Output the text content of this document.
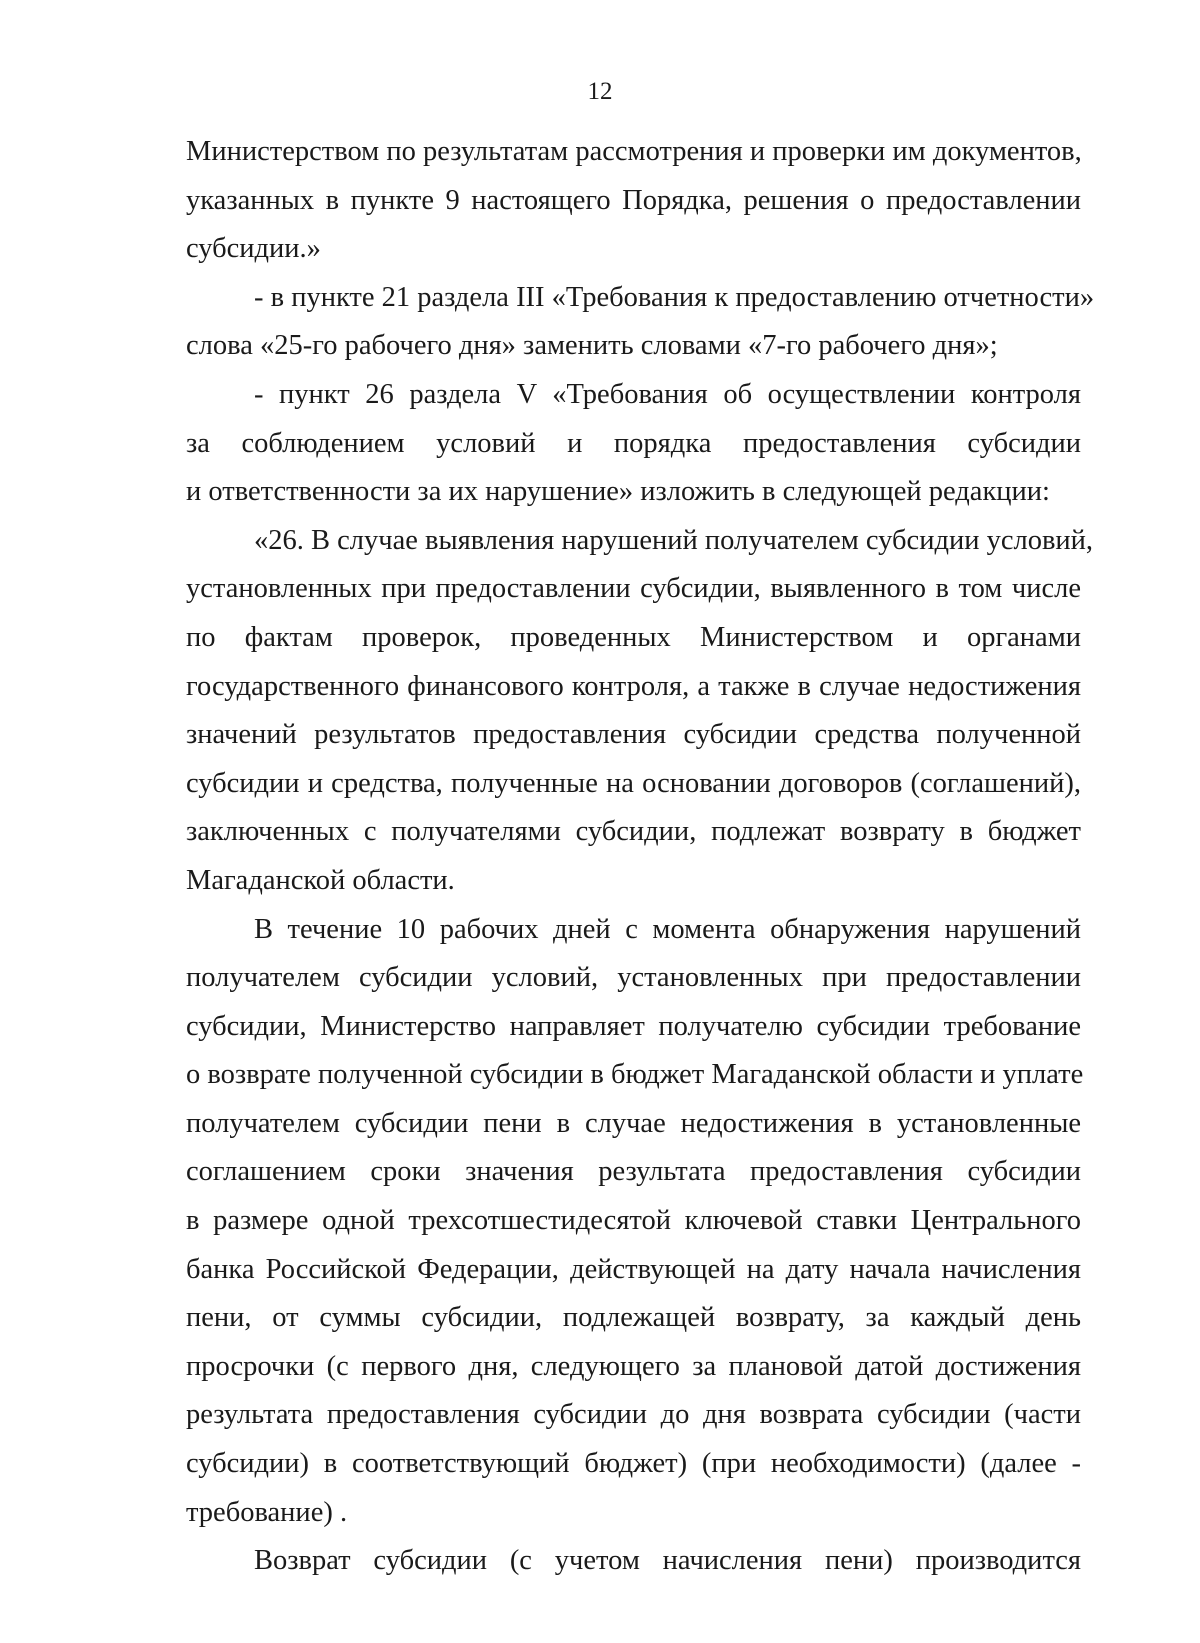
12
Министерством по результатам рассмотрения и проверки им документов,
указанных в пункте 9 настоящего Порядка, решения о предоставлении
субсидии.»
- в пункте 21 раздела III «Требования к предоставлению отчетности»
слова «25-го рабочего дня» заменить словами «7-го рабочего дня»;
- пункт 26 раздела V «Требования об осуществлении контроля
за соблюдением условий и порядка предоставления субсидии
и ответственности за их нарушение» изложить в следующей редакции:
«26. В случае выявления нарушений получателем субсидии условий,
установленных при предоставлении субсидии, выявленного в том числе
по фактам проверок, проведенных Министерством и органами
государственного финансового контроля, а также в случае недостижения
значений результатов предоставления субсидии средства полученной
субсидии и средства, полученные на основании договоров (соглашений),
заключенных с получателями субсидии, подлежат возврату в бюджет
Магаданской области.
В течение 10 рабочих дней с момента обнаружения нарушений
получателем субсидии условий, установленных при предоставлении
субсидии, Министерство направляет получателю субсидии требование
о возврате полученной субсидии в бюджет Магаданской области и уплате
получателем субсидии пени в случае недостижения в установленные
соглашением сроки значения результата предоставления субсидии
в размере одной трехсотшестидесятой ключевой ставки Центрального
банка Российской Федерации, действующей на дату начала начисления
пени, от суммы субсидии, подлежащей возврату, за каждый день
просрочки (с первого дня, следующего за плановой датой достижения
результата предоставления субсидии до дня возврата субсидии (части
субсидии) в соответствующий бюджет) (при необходимости) (далее -
требование) .
Возврат субсидии (с учетом начисления пени) производится
